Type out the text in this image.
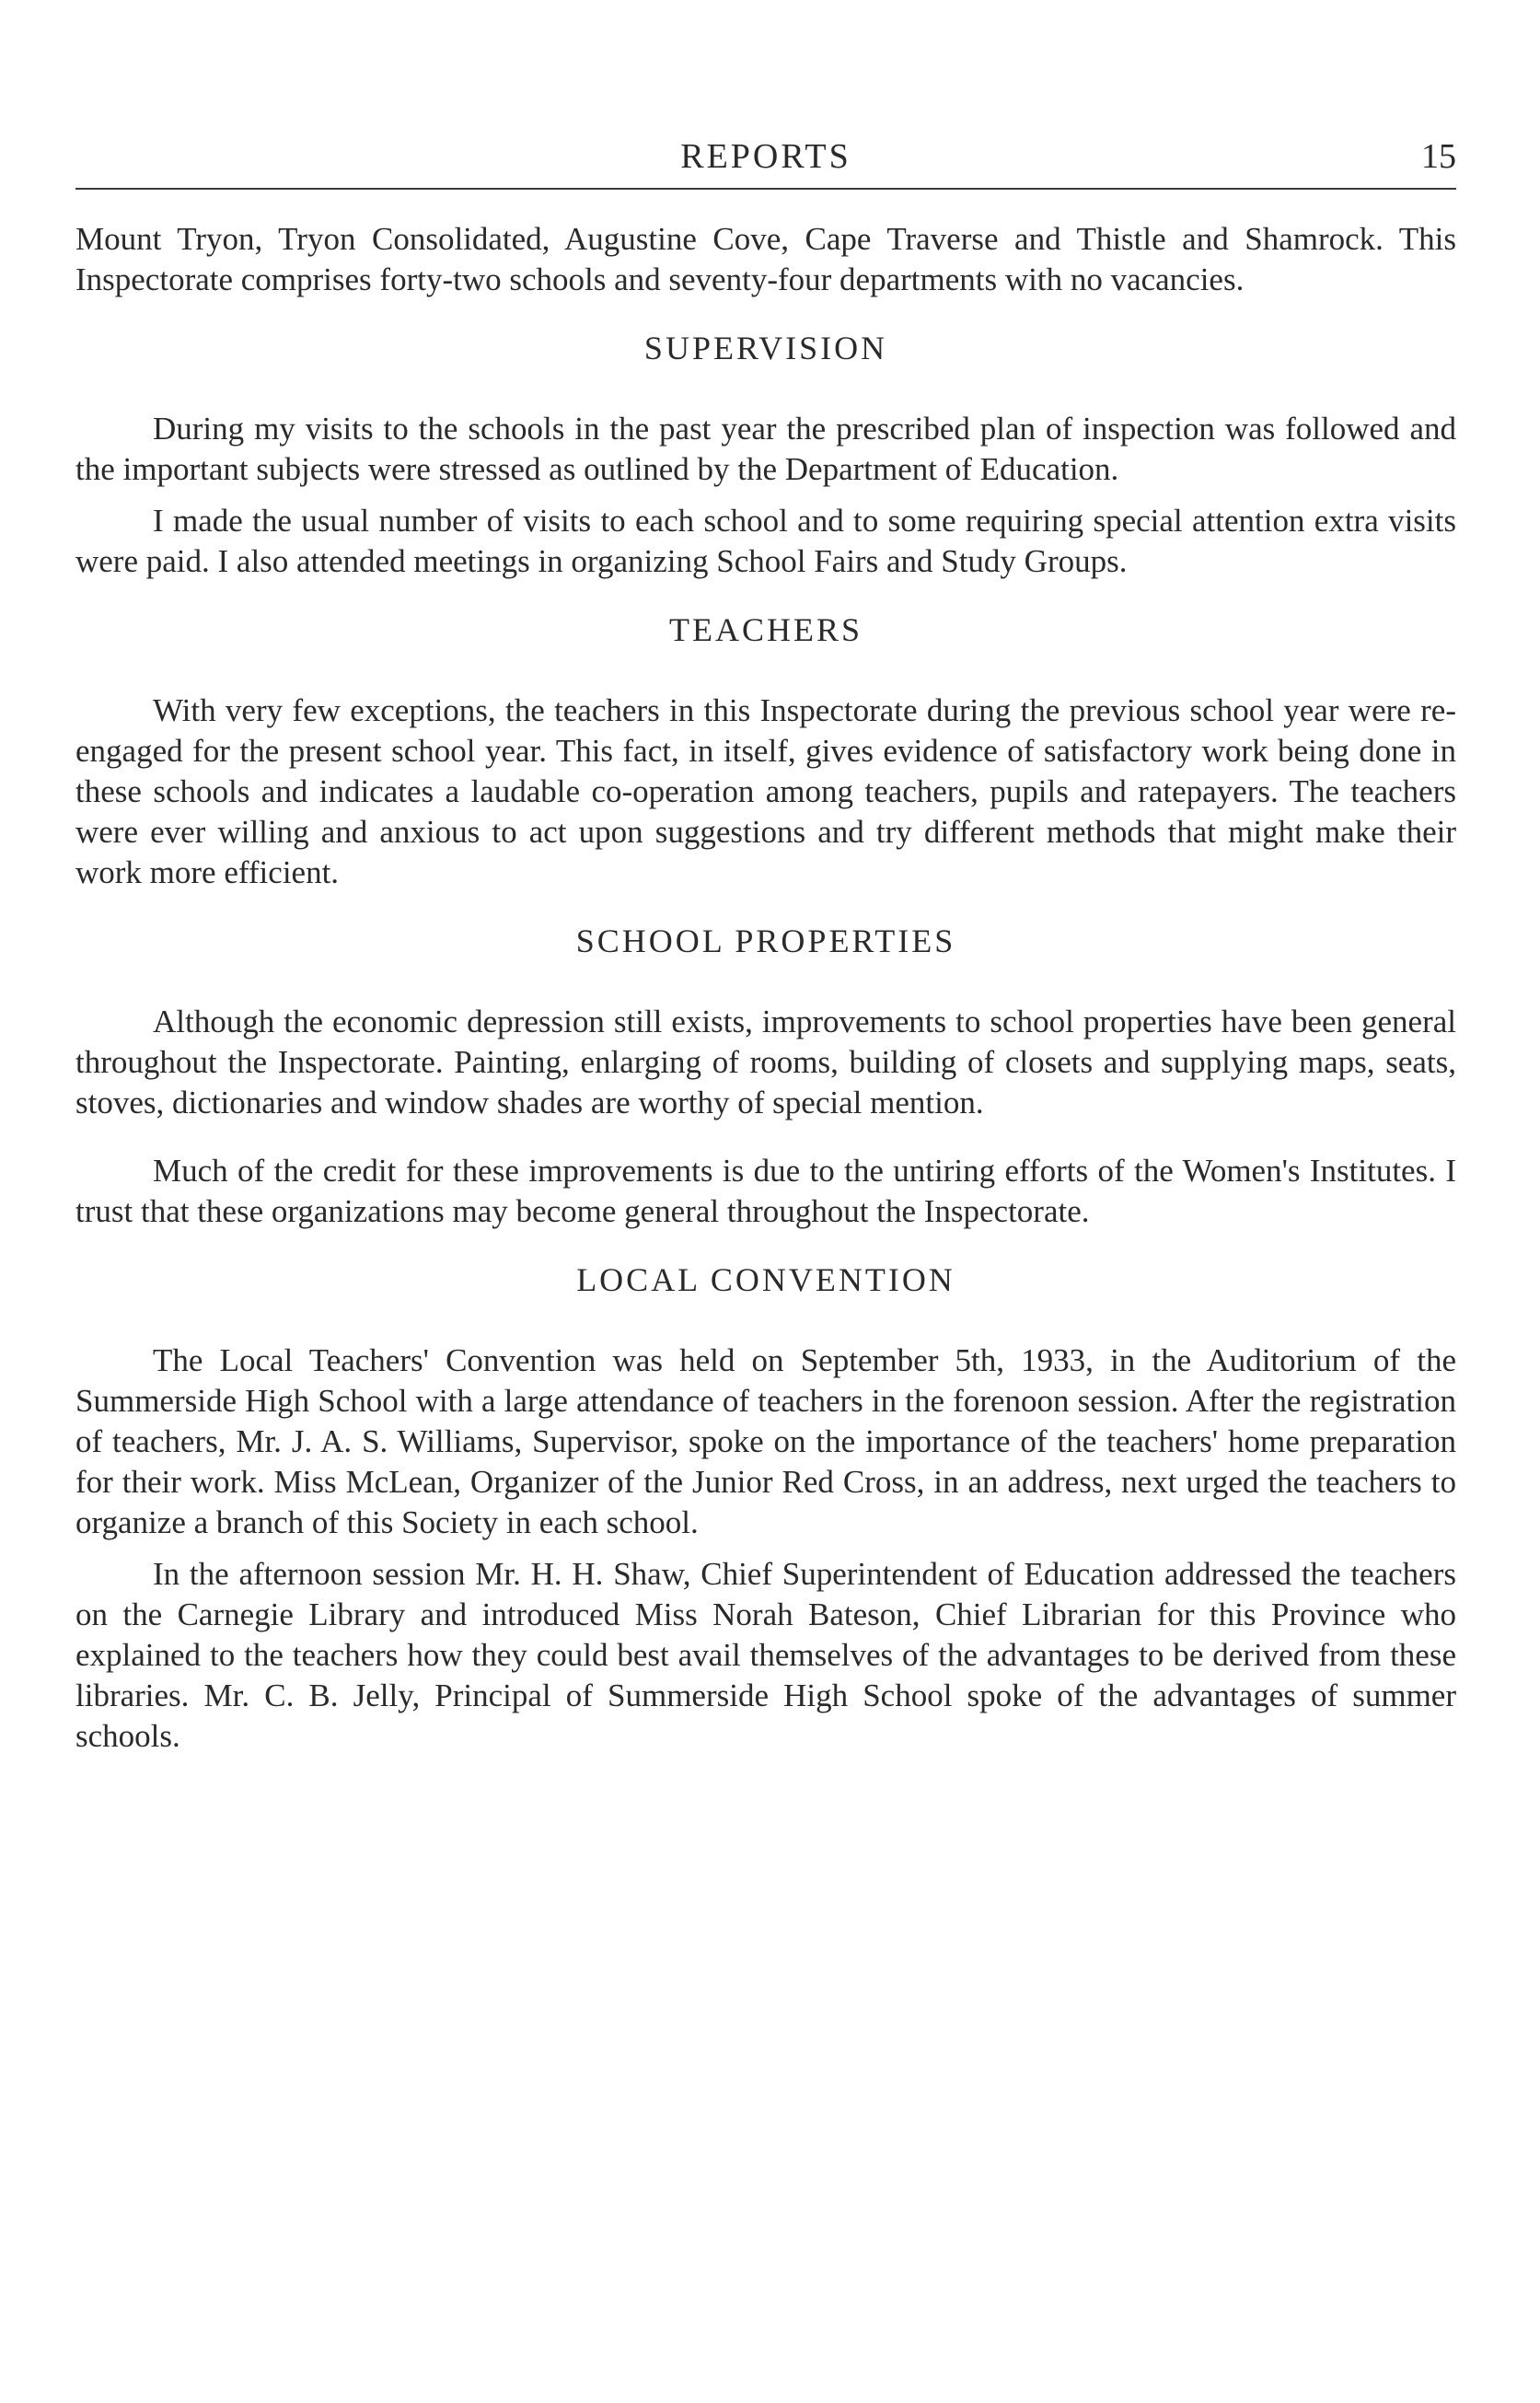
REPORTS	15

Mount Tryon, Tryon Consolidated, Augustine Cove, Cape Traverse and Thistle and Shamrock. This Inspectorate comprises forty-two schools and seventy-four departments with no vacancies.

SUPERVISION

During my visits to the schools in the past year the prescribed plan of inspection was followed and the important subjects were stressed as outlined by the Department of Education.

I made the usual number of visits to each school and to some requiring special attention extra visits were paid. I also attended meetings in organizing School Fairs and Study Groups.

TEACHERS

With very few exceptions, the teachers in this Inspectorate during the previous school year were re-engaged for the present school year. This fact, in itself, gives evidence of satisfactory work being done in these schools and indicates a laudable co-operation among teachers, pupils and ratepayers. The teachers were ever willing and anxious to act upon suggestions and try different methods that might make their work more efficient.

SCHOOL PROPERTIES

Although the economic depression still exists, improvements to school properties have been general throughout the Inspectorate. Painting, enlarging of rooms, building of closets and supplying maps, seats, stoves, dictionaries and window shades are worthy of special mention.

Much of the credit for these improvements is due to the untiring efforts of the Women's Institutes. I trust that these organizations may become general throughout the Inspectorate.

LOCAL CONVENTION

The Local Teachers' Convention was held on September 5th, 1933, in the Auditorium of the Summerside High School with a large attendance of teachers in the forenoon session. After the registration of teachers, Mr. J. A. S. Williams, Supervisor, spoke on the importance of the teachers' home preparation for their work. Miss McLean, Organizer of the Junior Red Cross, in an address, next urged the teachers to organize a branch of this Society in each school.

In the afternoon session Mr. H. H. Shaw, Chief Superintendent of Education addressed the teachers on the Carnegie Library and introduced Miss Norah Bateson, Chief Librarian for this Province who explained to the teachers how they could best avail themselves of the advantages to be derived from these libraries. Mr. C. B. Jelly, Principal of Summerside High School spoke of the advantages of summer schools.
